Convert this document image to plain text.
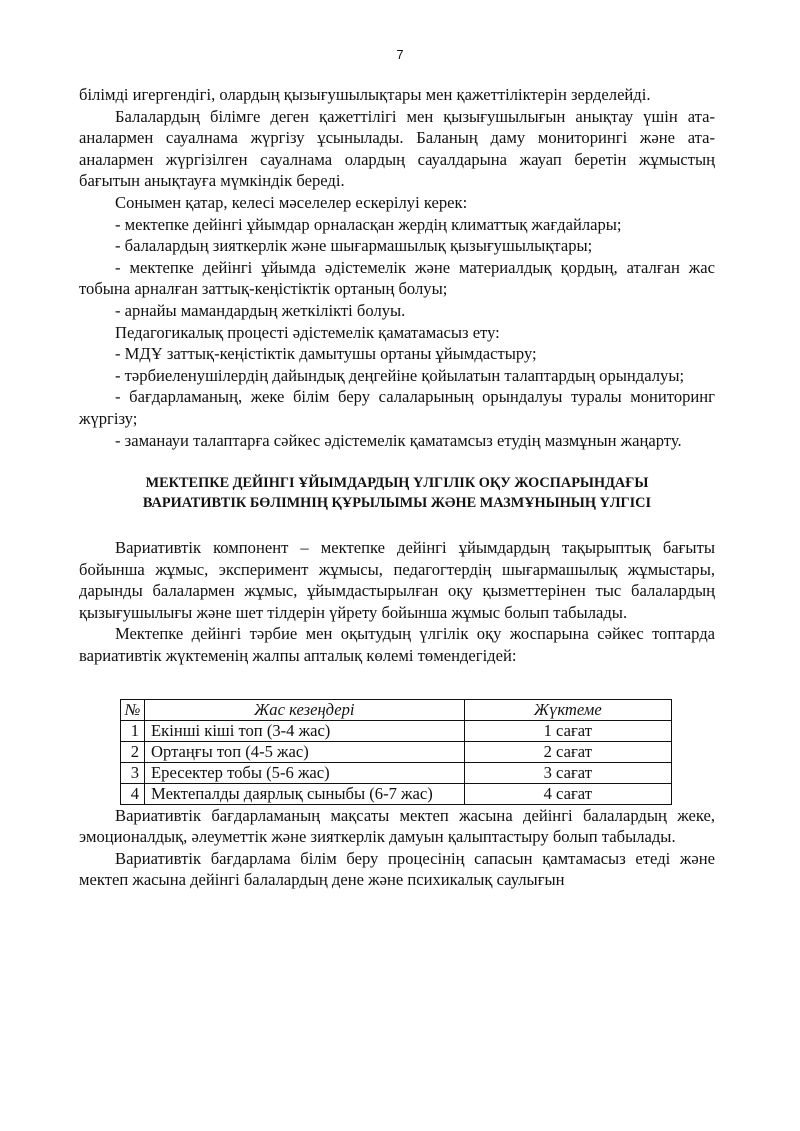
7

білімді игергендігі, олардың қызығушылықтары мен қажеттіліктерін зерделейді.

Балалардың білімге деген қажеттілігі мен қызығушылығын анықтау үшін ата-аналармен сауалнама жүргізу ұсынылады. Баланың даму мониторингі және ата-аналармен жүргізілген сауалнама олардың сауалдарына жауап беретін жұмыстың бағытын анықтауға мүмкіндік береді.

Сонымен қатар, келесі мәселелер ескерілуі керек:

- мектепке дейінгі ұйымдар орналасқан жердің климаттық жағдайлары;

- балалардың зияткерлік және шығармашылық қызығушылықтары;

- мектепке дейінгі ұйымда әдістемелік және материалдық қордың, аталған жас тобына арналған заттық-кеңістіктік ортаның болуы;

- арнайы мамандардың жеткілікті болуы.

Педагогикалық процесті әдістемелік қаматамасыз ету:

- МДҰ заттық-кеңістіктік дамытушы ортаны ұйымдастыру;

- тәрбиеленушілердің дайындық деңгейіне қойылатын талаптардың орындалуы;

- бағдарламаның, жеке білім беру салаларының орындалуы туралы мониторинг жүргізу;

- заманауи талаптарға сәйкес әдістемелік қаматамсыз етудің мазмұнын жаңарту.

МЕКТЕПКЕ ДЕЙІНГІ ҰЙЫМДАРДЫҢ ҮЛГІЛІК ОҚУ ЖОСПАРЫНДАҒЫ
ВАРИАТИВТІК БӨЛІМНІҢ ҚҰРЫЛЫМЫ ЖӘНЕ МАЗМҰНЫНЫҢ ҮЛГІСІ

Вариативтік компонент – мектепке дейінгі ұйымдардың тақырыптық бағыты бойынша жұмыс, эксперимент жұмысы, педагогтердің шығармашылық жұмыстары, дарынды балалармен жұмыс, ұйымдастырылған оқу қызметтерінен тыс балалардың қызығушылығы және шет тілдерін үйрету бойынша жұмыс болып табылады.

Мектепке дейінгі тәрбие мен оқытудың үлгілік оқу жоспарына сәйкес топтарда вариативтік жүктеменің жалпы апталық көлемі төмендегідей:

№	Жас кезеңдері	Жүктеме
1	Екінші кіші топ (3-4 жас)	1 сағат
2	Ортаңғы топ (4-5 жас)	2 сағат
3	Ересектер тобы (5-6 жас)	3 сағат
4	Мектепалды даярлық сыныбы (6-7 жас)	4 сағат

Вариативтік бағдарламаның мақсаты мектеп жасына дейінгі балалардың жеке, эмоционалдық, әлеуметтік және зияткерлік дамуын қалыптастыру болып табылады.

Вариативтік бағдарлама білім беру процесінің сапасын қамтамасыз етеді және мектеп жасына дейінгі балалардың дене және психикалық саулығын
